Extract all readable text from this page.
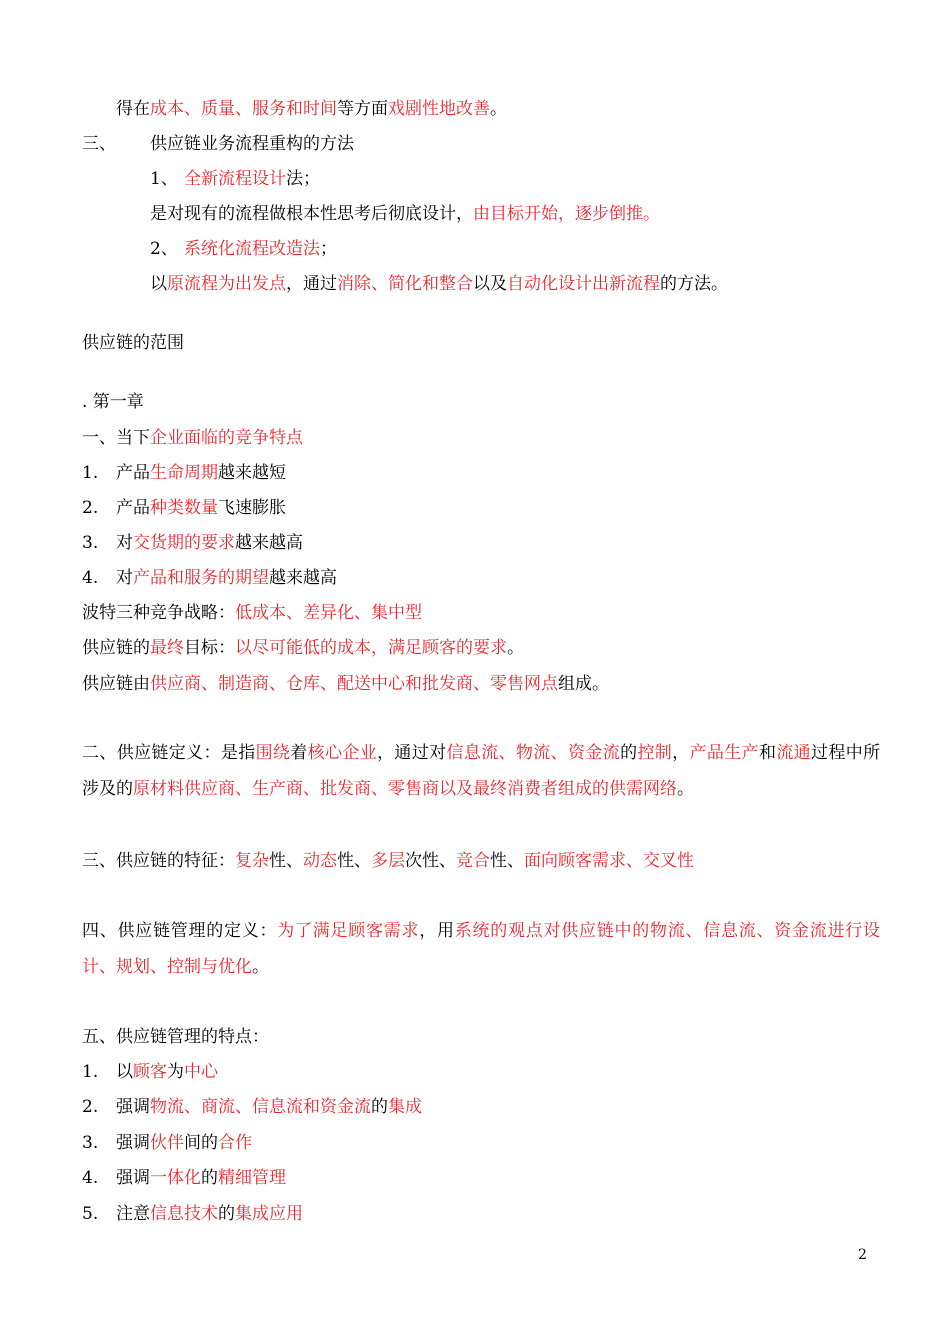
得在成本、质量、服务和时间等方面戏剧性地改善。
三、 供应链业务流程重构的方法
1、 全新流程设计法；
是对现有的流程做根本性思考后彻底设计，由目标开始，逐步倒推。
2、 系统化流程改造法；
以原流程为出发点，通过消除、简化和整合以及自动化设计出新流程的方法。
供应链的范围
. 第一章
一、当下企业面临的竞争特点
1. 产品生命周期越来越短
2. 产品种类数量飞速膨胀
3. 对交货期的要求越来越高
4. 对产品和服务的期望越来越高
波特三种竞争战略：低成本、差异化、集中型
供应链的最终目标：以尽可能低的成本，满足顾客的要求。
供应链由供应商、制造商、仓库、配送中心和批发商、零售网点组成。
二、供应链定义：是指围绕着核心企业，通过对信息流、物流、资金流的控制，产品生产和流通过程中所涉及的原材料供应商、生产商、批发商、零售商以及最终消费者组成的供需网络。
三、供应链的特征：复杂性、动态性、多层次性、竞合性、面向顾客需求、交叉性
四、供应链管理的定义：为了满足顾客需求，用系统的观点对供应链中的物流、信息流、资金流进行设计、规划、控制与优化。
五、供应链管理的特点：
1. 以顾客为中心
2. 强调物流、商流、信息流和资金流的集成
3. 强调伙伴间的合作
4. 强调一体化的精细管理
5. 注意信息技术的集成应用
2
